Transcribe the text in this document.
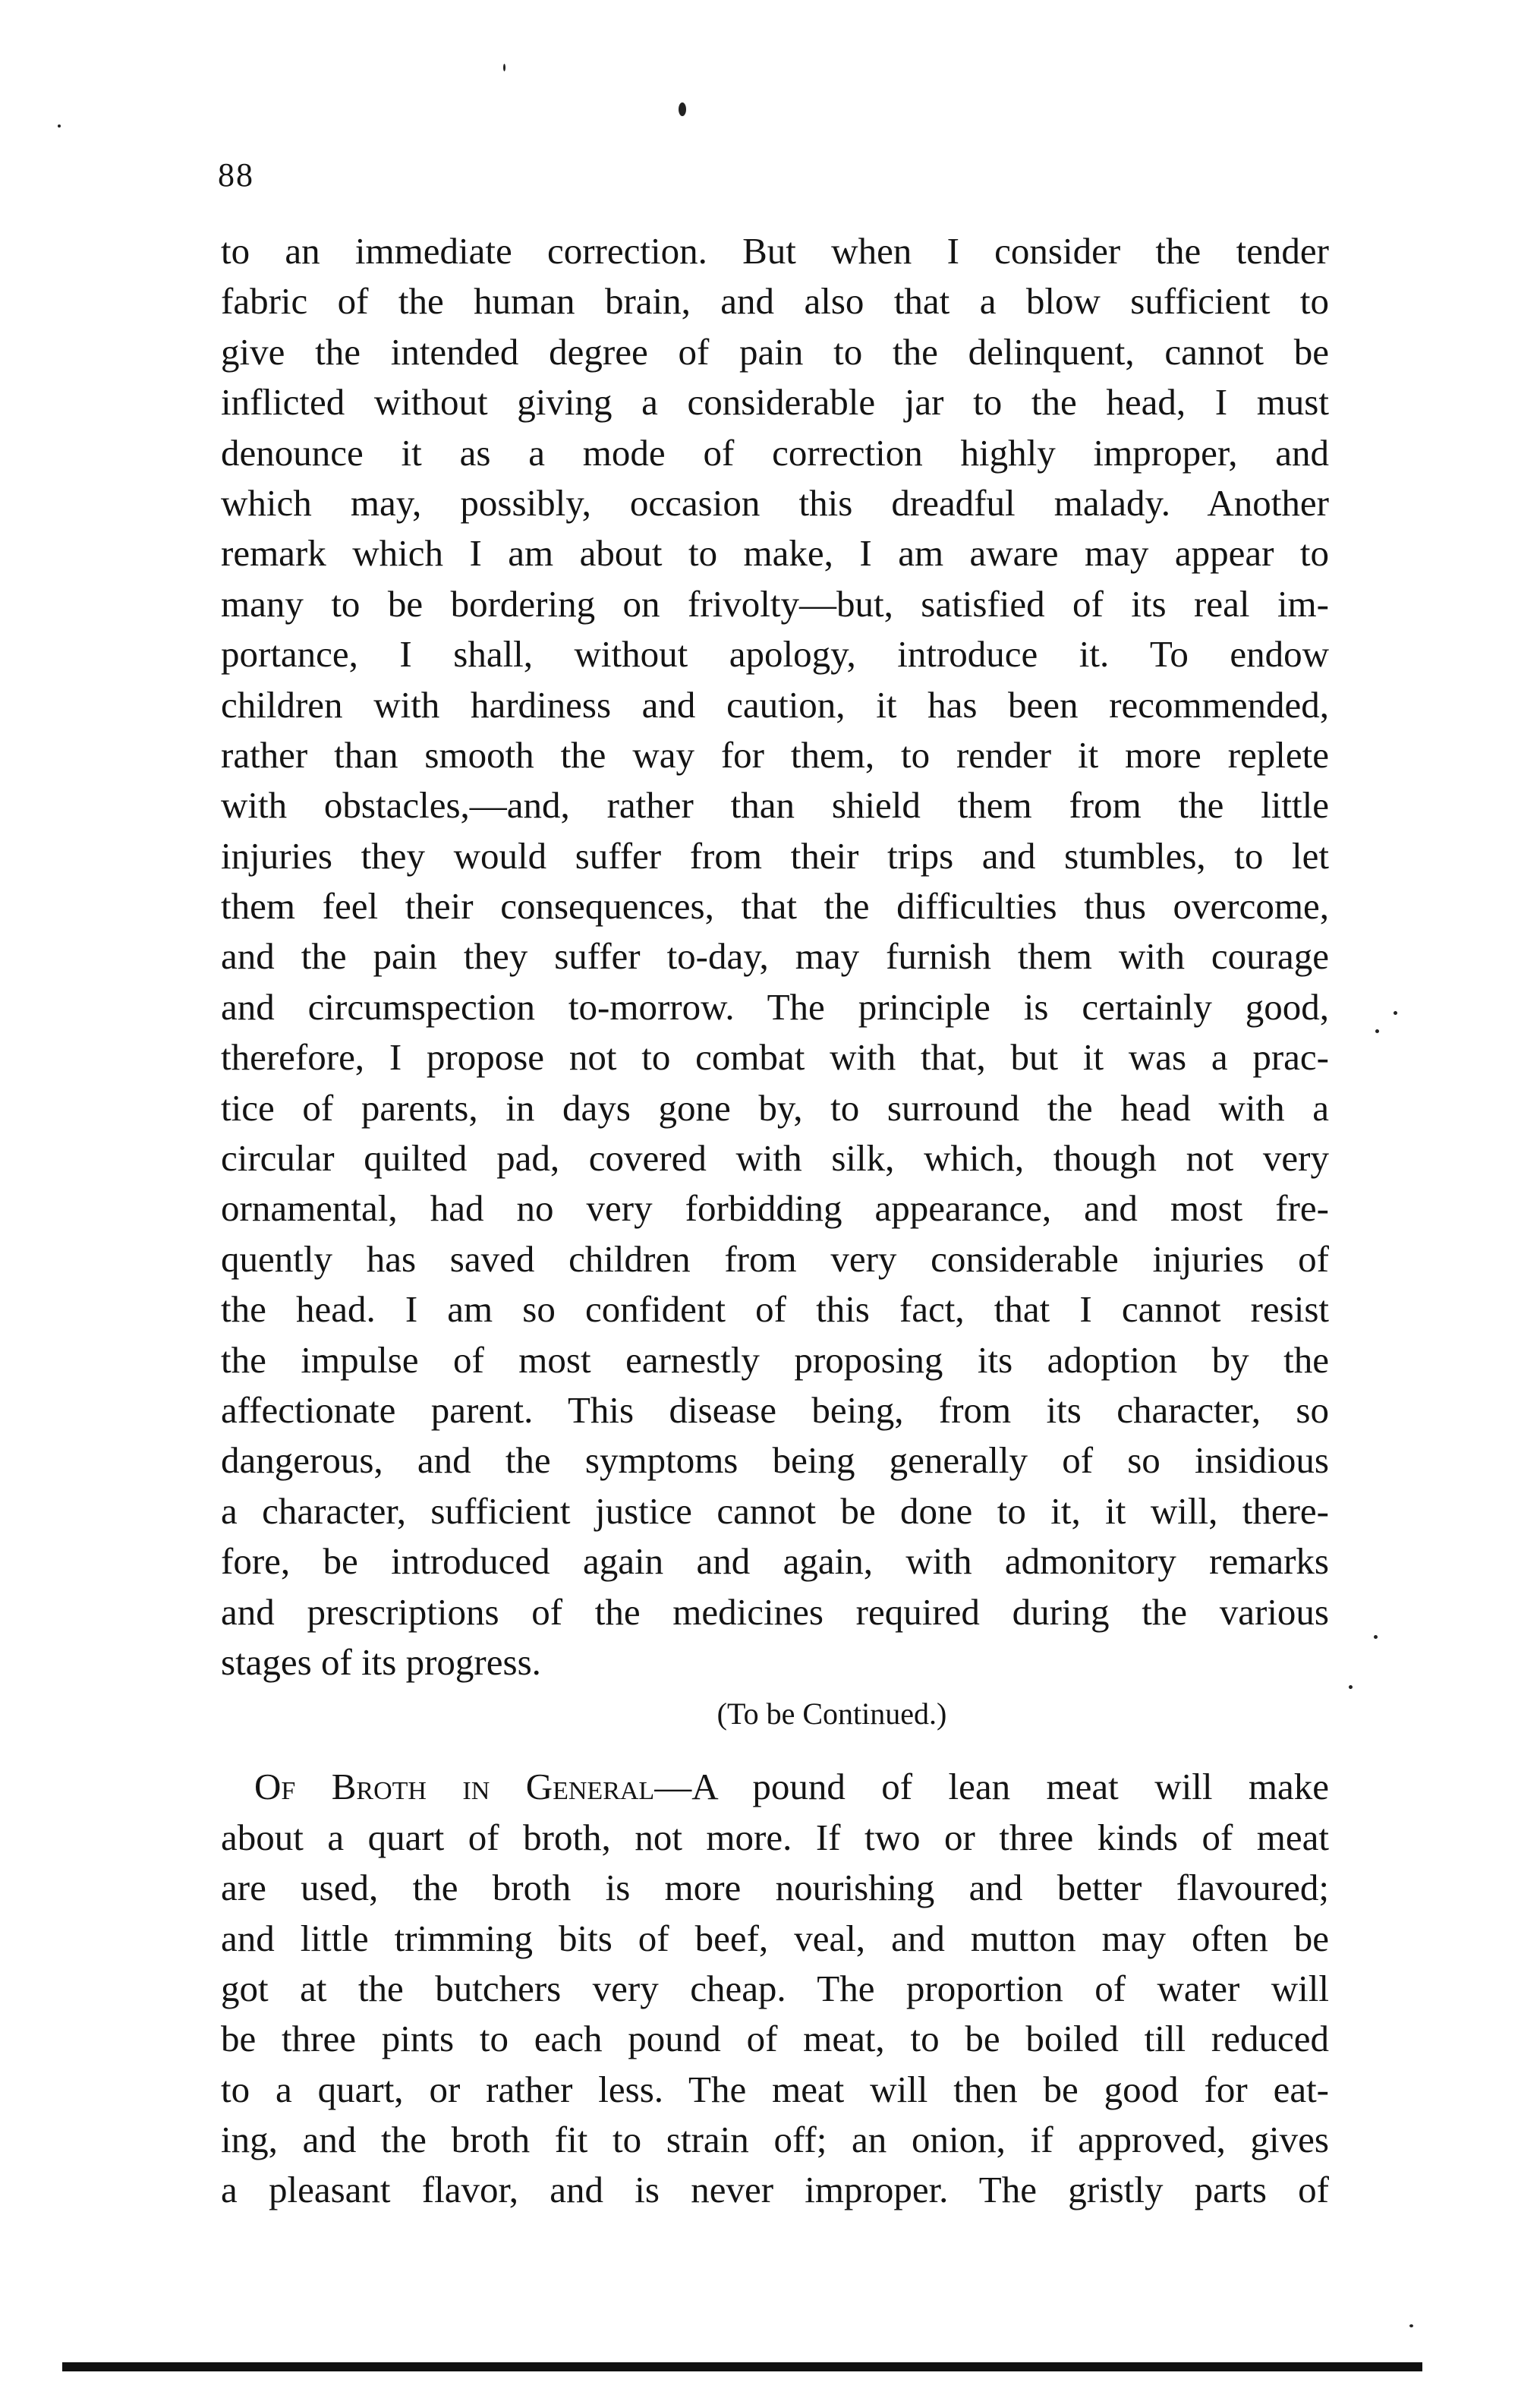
88
to an immediate correction. But when I consider the tender
fabric of the human brain, and also that a blow sufficient to
give the intended degree of pain to the delinquent, cannot be
inflicted without giving a considerable jar to the head, I must
denounce it as a mode of correction highly improper, and
which may, possibly, occasion this dreadful malady. Another
remark which I am about to make, I am aware may appear to
many to be bordering on frivolty—but, satisfied of its real im-
portance, I shall, without apology, introduce it. To endow
children with hardiness and caution, it has been recommended,
rather than smooth the way for them, to render it more replete
with obstacles,—and, rather than shield them from the little
injuries they would suffer from their trips and stumbles, to let
them feel their consequences, that the difficulties thus overcome,
and the pain they suffer to-day, may furnish them with courage
and circumspection to-morrow. The principle is certainly good,
therefore, I propose not to combat with that, but it was a prac-
tice of parents, in days gone by, to surround the head with a
circular quilted pad, covered with silk, which, though not very
ornamental, had no very forbidding appearance, and most fre-
quently has saved children from very considerable injuries of
the head. I am so confident of this fact, that I cannot resist
the impulse of most earnestly proposing its adoption by the
affectionate parent. This disease being, from its character, so
dangerous, and the symptoms being generally of so insidious
a character, sufficient justice cannot be done to it, it will, there-
fore, be introduced again and again, with admonitory remarks
and prescriptions of the medicines required during the various
stages of its progress.
(To be Continued.)
Of Broth in General—A pound of lean meat will make
about a quart of broth, not more. If two or three kinds of meat
are used, the broth is more nourishing and better flavoured;
and little trimming bits of beef, veal, and mutton may often be
got at the butchers very cheap. The proportion of water will
be three pints to each pound of meat, to be boiled till reduced
to a quart, or rather less. The meat will then be good for eat-
ing, and the broth fit to strain off; an onion, if approved, gives
a pleasant flavor, and is never improper. The gristly parts of
